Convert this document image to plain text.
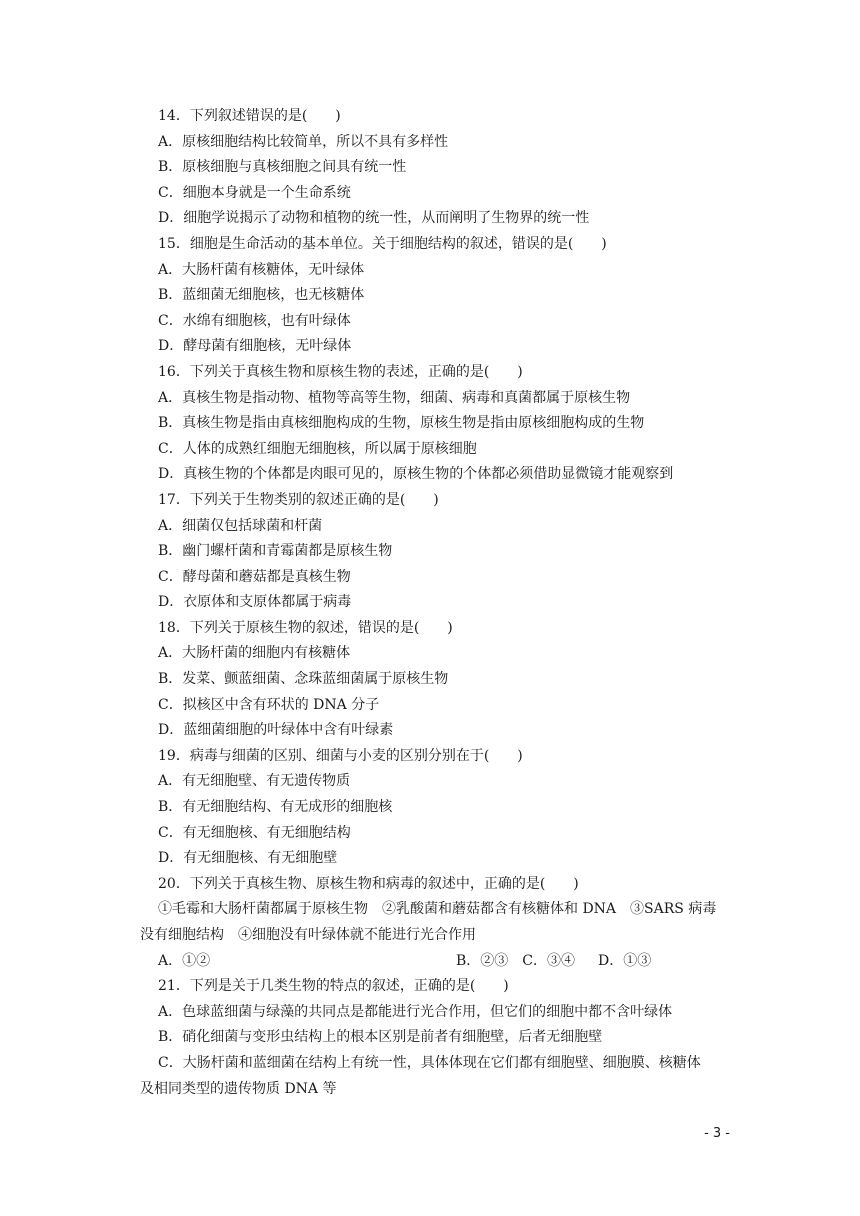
14．下列叙述错误的是(　　)
A．原核细胞结构比较简单，所以不具有多样性
B．原核细胞与真核细胞之间具有统一性
C．细胞本身就是一个生命系统
D．细胞学说揭示了动物和植物的统一性，从而阐明了生物界的统一性
15．细胞是生命活动的基本单位。关于细胞结构的叙述，错误的是(　　)
A．大肠杆菌有核糖体，无叶绿体
B．蓝细菌无细胞核，也无核糖体
C．水绵有细胞核，也有叶绿体
D．酵母菌有细胞核，无叶绿体
16．下列关于真核生物和原核生物的表述，正确的是(　　)
A．真核生物是指动物、植物等高等生物，细菌、病毒和真菌都属于原核生物
B．真核生物是指由真核细胞构成的生物，原核生物是指由原核细胞构成的生物
C．人体的成熟红细胞无细胞核，所以属于原核细胞
D．真核生物的个体都是肉眼可见的，原核生物的个体都必须借助显微镜才能观察到
17．下列关于生物类别的叙述正确的是(　　)
A．细菌仅包括球菌和杆菌
B．幽门螺杆菌和青霉菌都是原核生物
C．酵母菌和蘑菇都是真核生物
D．衣原体和支原体都属于病毒
18．下列关于原核生物的叙述，错误的是(　　)
A．大肠杆菌的细胞内有核糖体
B．发菜、颤蓝细菌、念珠蓝细菌属于原核生物
C．拟核区中含有环状的 DNA 分子
D．蓝细菌细胞的叶绿体中含有叶绿素
19．病毒与细菌的区别、细菌与小麦的区别分别在于(　　)
A．有无细胞壁、有无遗传物质
B．有无细胞结构、有无成形的细胞核
C．有无细胞核、有无细胞结构
D．有无细胞核、有无细胞壁
20．下列关于真核生物、原核生物和病毒的叙述中，正确的是(　　)
①毛霉和大肠杆菌都属于原核生物　②乳酸菌和蘑菇都含有核糖体和 DNA　③SARS 病毒
没有细胞结构　④细胞没有叶绿体就不能进行光合作用
A．①②	B．②③　C．③④ D．①③
21．下列是关于几类生物的特点的叙述，正确的是(　　)
A．色球蓝细菌与绿藻的共同点是都能进行光合作用，但它们的细胞中都不含叶绿体
B．硝化细菌与变形虫结构上的根本区别是前者有细胞壁，后者无细胞壁
C．大肠杆菌和蓝细菌在结构上有统一性，具体体现在它们都有细胞壁、细胞膜、核糖体
及相同类型的遗传物质 DNA 等
- 3 -
